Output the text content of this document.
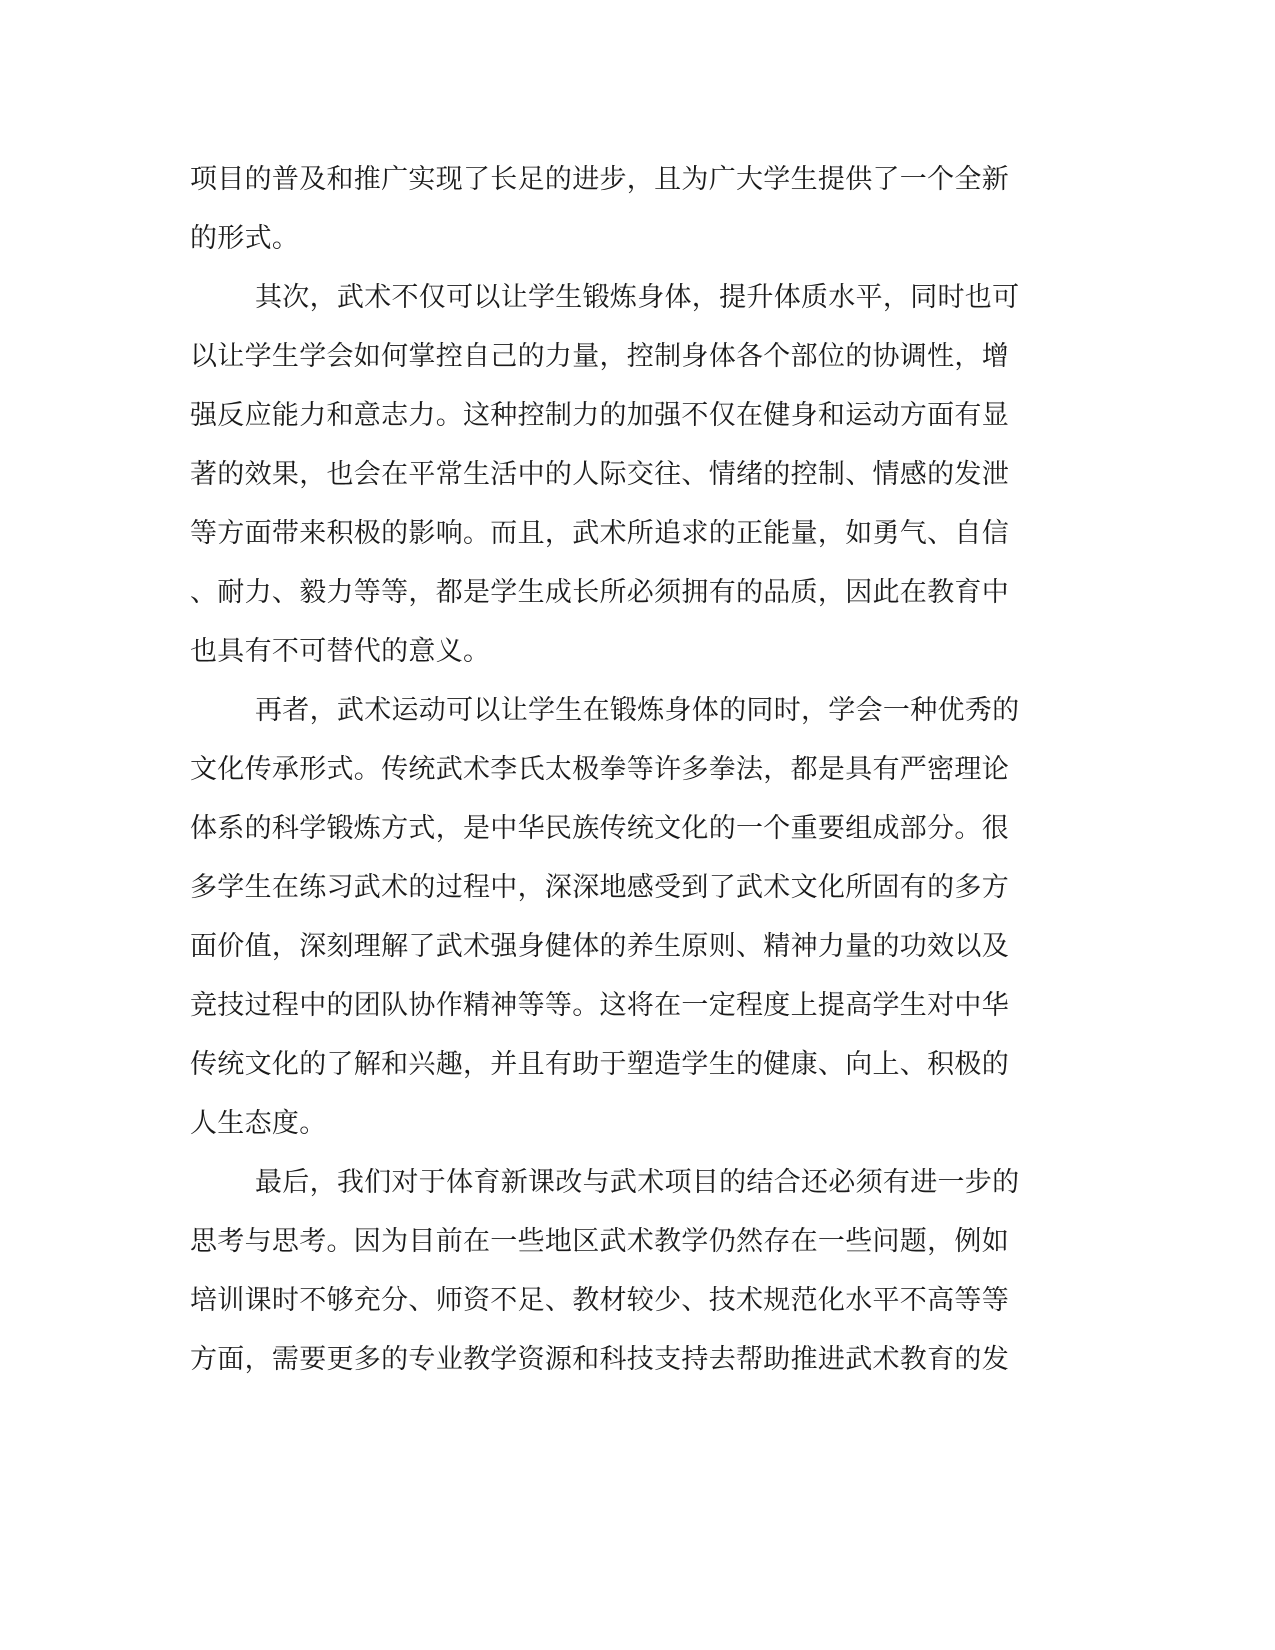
项目的普及和推广实现了长足的进步，且为广大学生提供了一个全新

的形式。

其次，武术不仅可以让学生锻炼身体，提升体质水平，同时也可

以让学生学会如何掌控自己的力量，控制身体各个部位的协调性，增

强反应能力和意志力。这种控制力的加强不仅在健身和运动方面有显

著的效果，也会在平常生活中的人际交往、情绪的控制、情感的发泄

等方面带来积极的影响。而且，武术所追求的正能量，如勇气、自信

、耐力、毅力等等，都是学生成长所必须拥有的品质，因此在教育中

也具有不可替代的意义。

再者，武术运动可以让学生在锻炼身体的同时，学会一种优秀的

文化传承形式。传统武术李氏太极拳等许多拳法，都是具有严密理论

体系的科学锻炼方式，是中华民族传统文化的一个重要组成部分。很

多学生在练习武术的过程中，深深地感受到了武术文化所固有的多方

面价值，深刻理解了武术强身健体的养生原则、精神力量的功效以及

竞技过程中的团队协作精神等等。这将在一定程度上提高学生对中华

传统文化的了解和兴趣，并且有助于塑造学生的健康、向上、积极的

人生态度。

最后，我们对于体育新课改与武术项目的结合还必须有进一步的

思考与思考。因为目前在一些地区武术教学仍然存在一些问题，例如

培训课时不够充分、师资不足、教材较少、技术规范化水平不高等等

方面，需要更多的专业教学资源和科技支持去帮助推进武术教育的发
